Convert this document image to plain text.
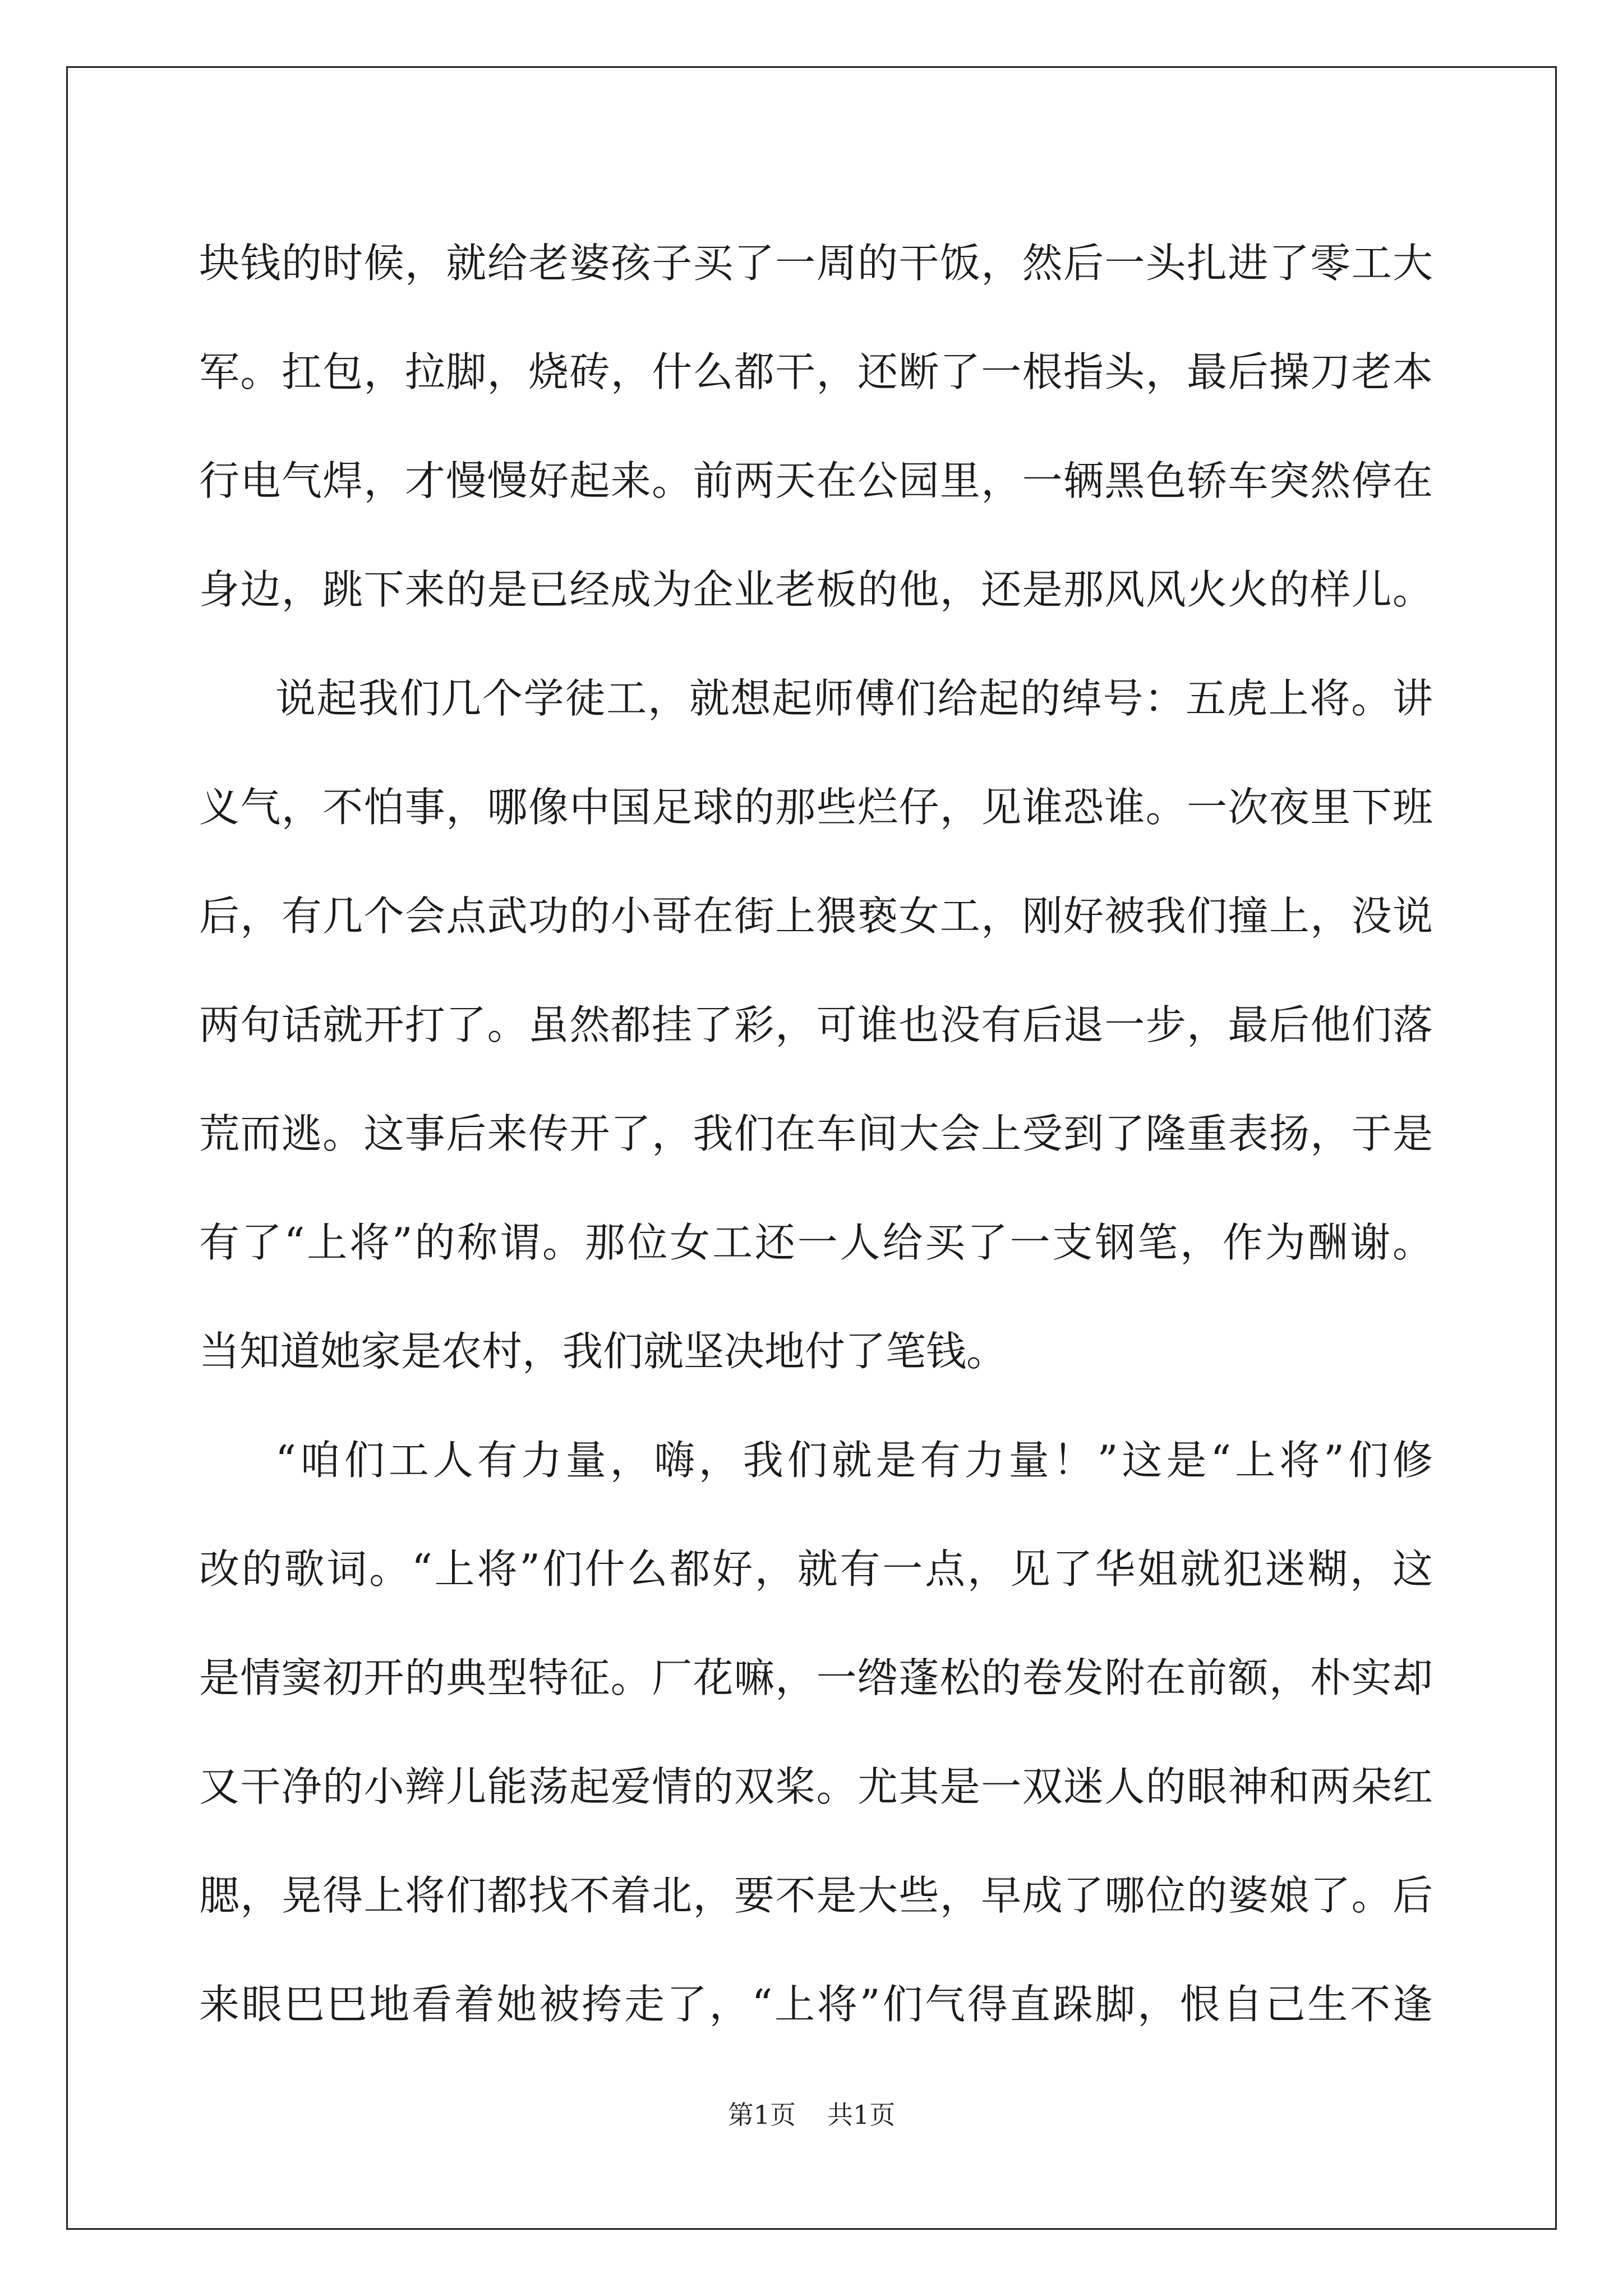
块钱的时候，就给老婆孩子买了一周的干饭，然后一头扎进了零工大
军。扛包，拉脚，烧砖，什么都干，还断了一根指头，最后操刀老本
行电气焊，才慢慢好起来。前两天在公园里，一辆黑色轿车突然停在
身边，跳下来的是已经成为企业老板的他，还是那风风火火的样儿。
说起我们几个学徒工，就想起师傅们给起的绰号：五虎上将。讲
义气，不怕事，哪像中国足球的那些烂仔，见谁恐谁。一次夜里下班
后，有几个会点武功的小哥在街上猥亵女工，刚好被我们撞上，没说
两句话就开打了。虽然都挂了彩，可谁也没有后退一步，最后他们落
荒而逃。这事后来传开了，我们在车间大会上受到了隆重表扬，于是
有了“上将”的称谓。那位女工还一人给买了一支钢笔，作为酬谢。
当知道她家是农村，我们就坚决地付了笔钱。
“咱们工人有力量，嗨，我们就是有力量！”这是“上将”们修
改的歌词。“上将”们什么都好，就有一点，见了华姐就犯迷糊，这
是情窦初开的典型特征。厂花嘛，一绺蓬松的卷发附在前额，朴实却
又干净的小辫儿能荡起爱情的双桨。尤其是一双迷人的眼神和两朵红
腮，晃得上将们都找不着北，要不是大些，早成了哪位的婆娘了。后
来眼巴巴地看着她被挎走了，“上将”们气得直跺脚，恨自己生不逢
第1页 共1页
